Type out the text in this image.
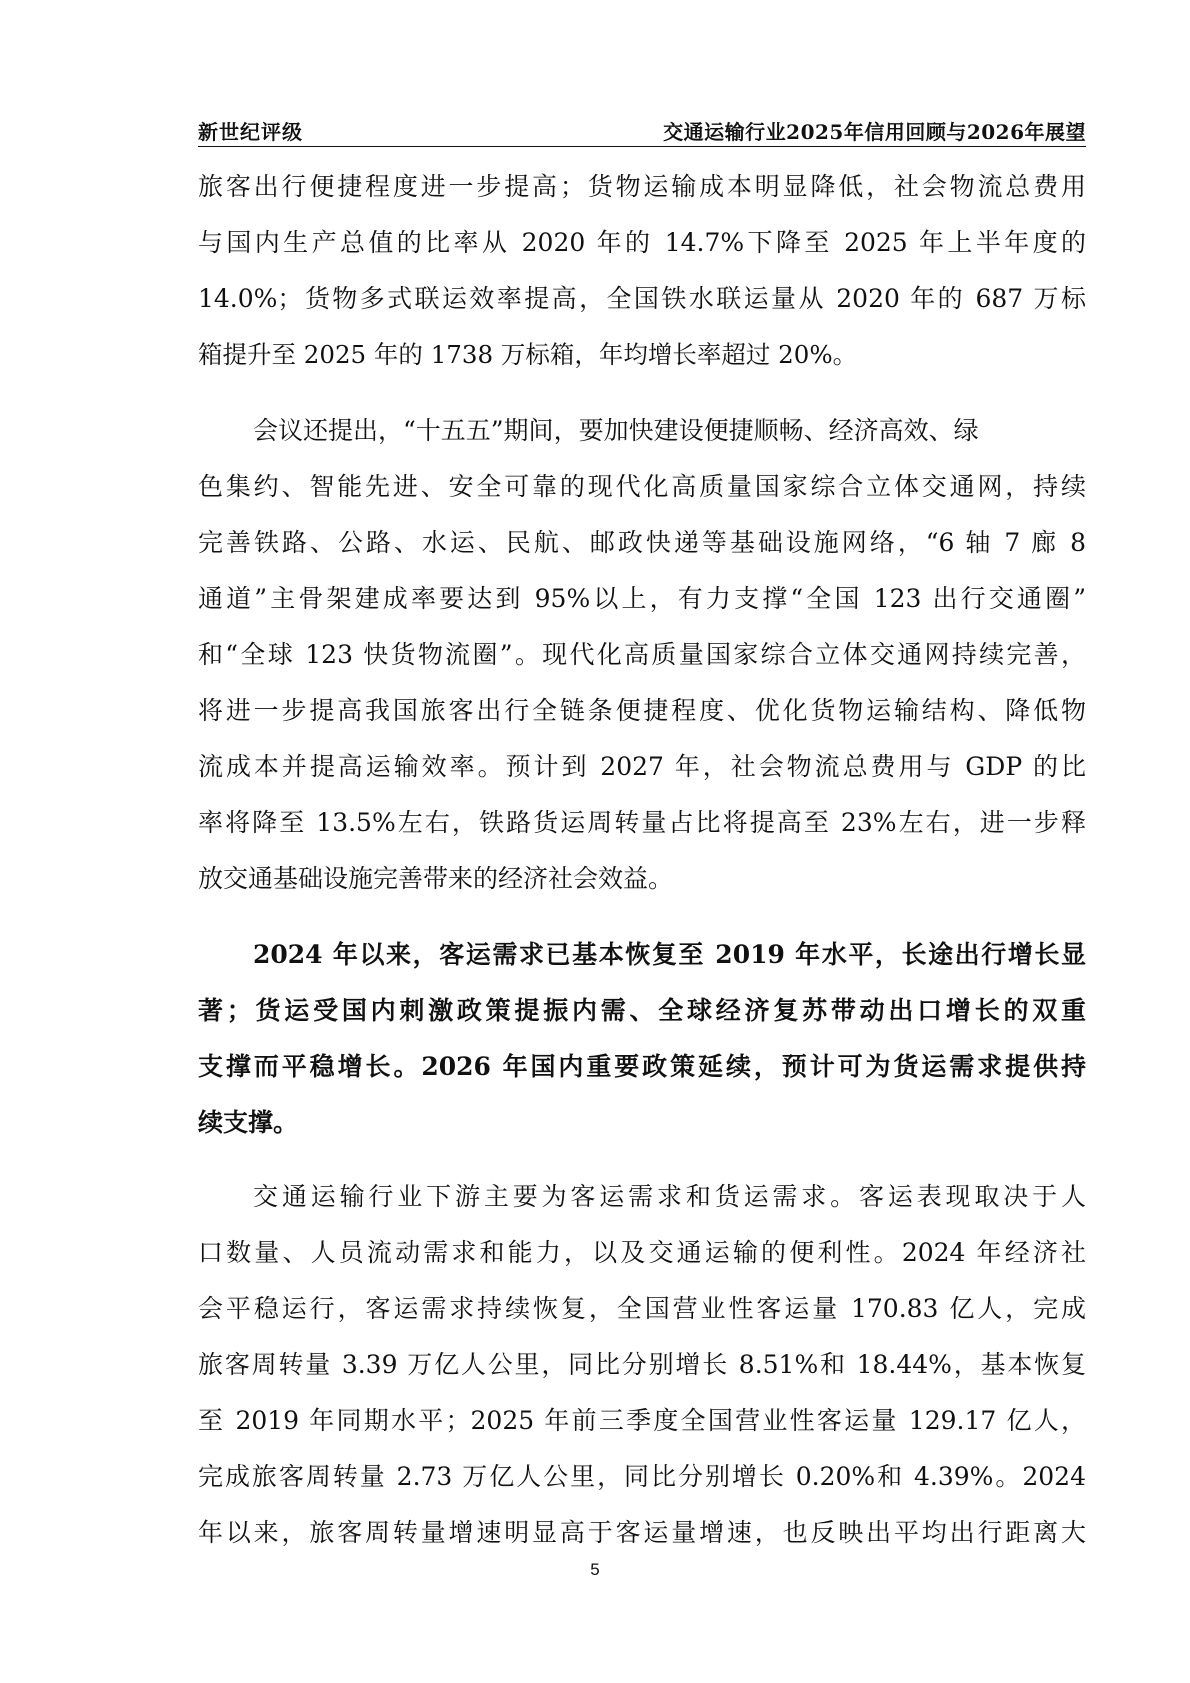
新世纪评级	交通运输行业2025年信用回顾与2026年展望
旅客出行便捷程度进一步提高；货物运输成本明显降低，社会物流总费用
与国内生产总值的比率从 2020 年的 14.7%下降至 2025 年上半年度的
14.0%；货物多式联运效率提高，全国铁水联运量从 2020 年的 687 万标
箱提升至 2025 年的 1738 万标箱，年均增长率超过 20%。
会议还提出，“十五五”期间，要加快建设便捷顺畅、经济高效、绿
色集约、智能先进、安全可靠的现代化高质量国家综合立体交通网，持续
完善铁路、公路、水运、民航、邮政快递等基础设施网络，“6 轴 7 廊 8
通道”主骨架建成率要达到 95%以上，有力支撑“全国 123 出行交通圈”
和“全球 123 快货物流圈”。现代化高质量国家综合立体交通网持续完善，
将进一步提高我国旅客出行全链条便捷程度、优化货物运输结构、降低物
流成本并提高运输效率。预计到 2027 年，社会物流总费用与 GDP 的比
率将降至 13.5%左右，铁路货运周转量占比将提高至 23%左右，进一步释
放交通基础设施完善带来的经济社会效益。
2024 年以来，客运需求已基本恢复至 2019 年水平，长途出行增长显
著；货运受国内刺激政策提振内需、全球经济复苏带动出口增长的双重
支撑而平稳增长。2026 年国内重要政策延续，预计可为货运需求提供持
续支撑。
交通运输行业下游主要为客运需求和货运需求。客运表现取决于人
口数量、人员流动需求和能力，以及交通运输的便利性。2024 年经济社
会平稳运行，客运需求持续恢复，全国营业性客运量 170.83 亿人，完成
旅客周转量 3.39 万亿人公里，同比分别增长 8.51%和 18.44%，基本恢复
至 2019 年同期水平；2025 年前三季度全国营业性客运量 129.17 亿人，
完成旅客周转量 2.73 万亿人公里，同比分别增长 0.20%和 4.39%。2024
年以来，旅客周转量增速明显高于客运量增速，也反映出平均出行距离大
5
